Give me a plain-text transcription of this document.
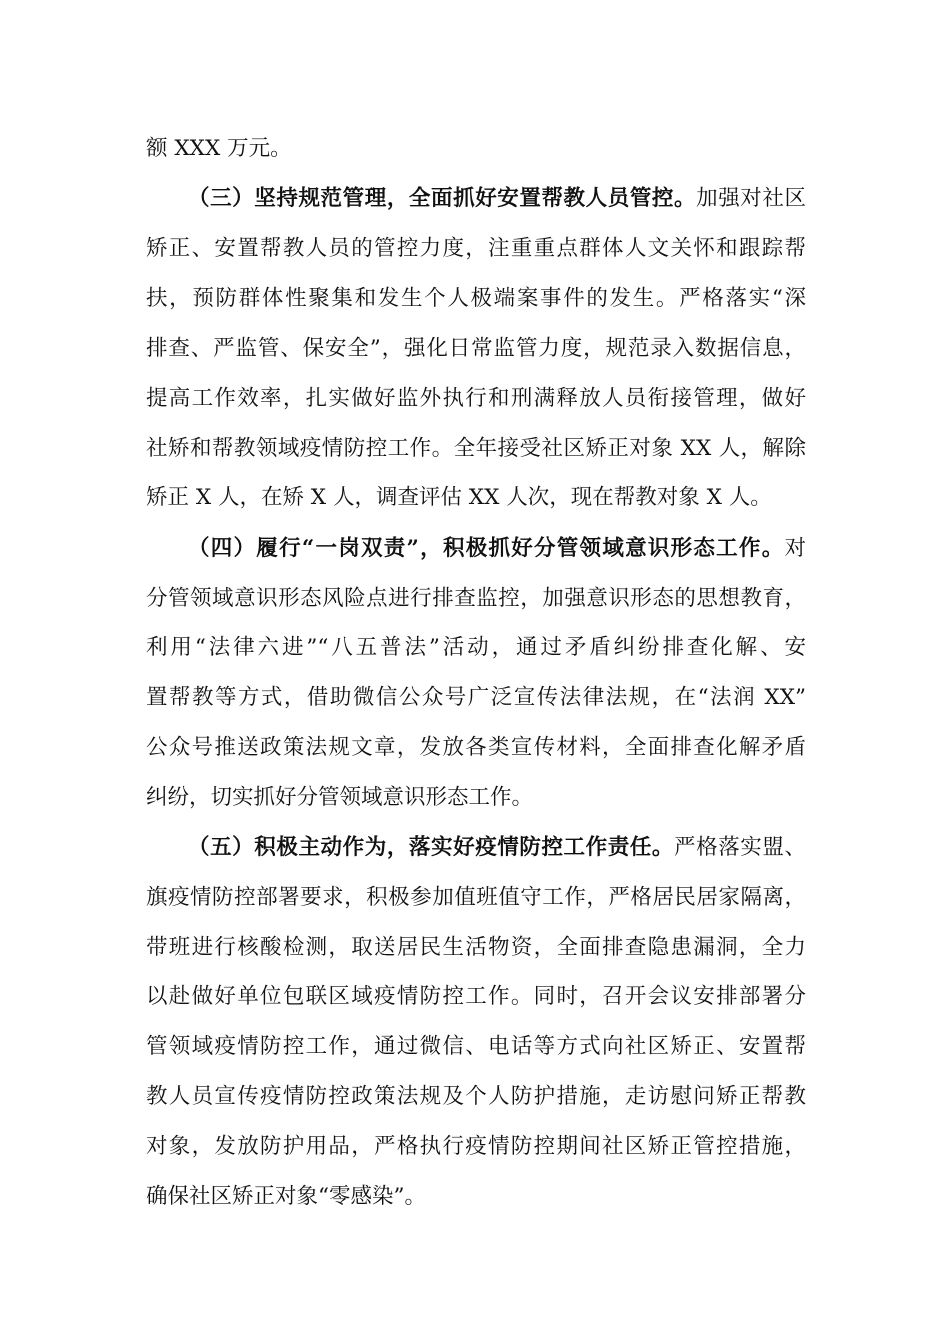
额 XXX 万元。
（三）坚持规范管理，全面抓好安置帮教人员管控。加强对社区
矫正、安置帮教人员的管控力度，注重重点群体人文关怀和跟踪帮
扶，预防群体性聚集和发生个人极端案事件的发生。严格落实“深
排查、严监管、保安全”，强化日常监管力度，规范录入数据信息，
提高工作效率，扎实做好监外执行和刑满释放人员衔接管理，做好
社矫和帮教领域疫情防控工作。全年接受社区矫正对象 XX 人，解除
矫正 X 人，在矫 X 人，调查评估 XX 人次，现在帮教对象 X 人。
（四）履行“一岗双责”，积极抓好分管领域意识形态工作。对
分管领域意识形态风险点进行排查监控，加强意识形态的思想教育，
利用“法律六进”“八五普法”活动，通过矛盾纠纷排查化解、安
置帮教等方式，借助微信公众号广泛宣传法律法规，在“法润 XX”
公众号推送政策法规文章，发放各类宣传材料，全面排查化解矛盾
纠纷，切实抓好分管领域意识形态工作。
（五）积极主动作为，落实好疫情防控工作责任。严格落实盟、
旗疫情防控部署要求，积极参加值班值守工作，严格居民居家隔离，
带班进行核酸检测，取送居民生活物资，全面排查隐患漏洞，全力
以赴做好单位包联区域疫情防控工作。同时，召开会议安排部署分
管领域疫情防控工作，通过微信、电话等方式向社区矫正、安置帮
教人员宣传疫情防控政策法规及个人防护措施，走访慰问矫正帮教
对象，发放防护用品，严格执行疫情防控期间社区矫正管控措施，
确保社区矫正对象“零感染”。
